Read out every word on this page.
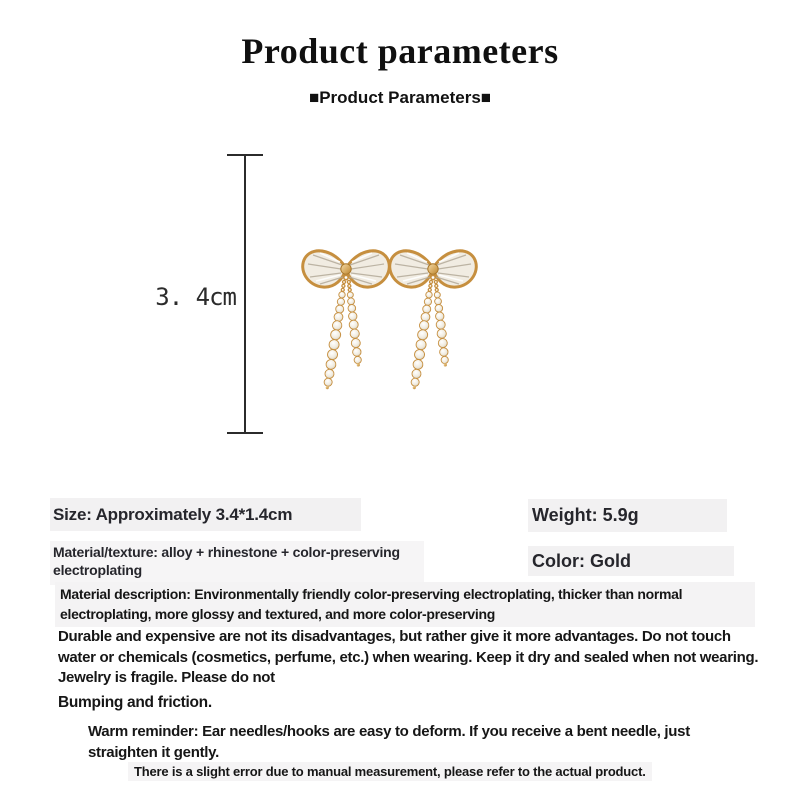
Product parameters
■Product Parameters■
3. 4cm
Size: Approximately 3.4*1.4cm	Weight: 5.9g
Material/texture: alloy + rhinestone + color-preserving electroplating	Color: Gold
Material description: Environmentally friendly color-preserving electroplating, thicker than normal electroplating, more glossy and textured, and more color-preserving
Durable and expensive are not its disadvantages, but rather give it more advantages. Do not touch water or chemicals (cosmetics, perfume, etc.) when wearing. Keep it dry and sealed when not wearing. Jewelry is fragile. Please do not
Bumping and friction.
Warm reminder: Ear needles/hooks are easy to deform. If you receive a bent needle, just straighten it gently.
There is a slight error due to manual measurement, please refer to the actual product.
